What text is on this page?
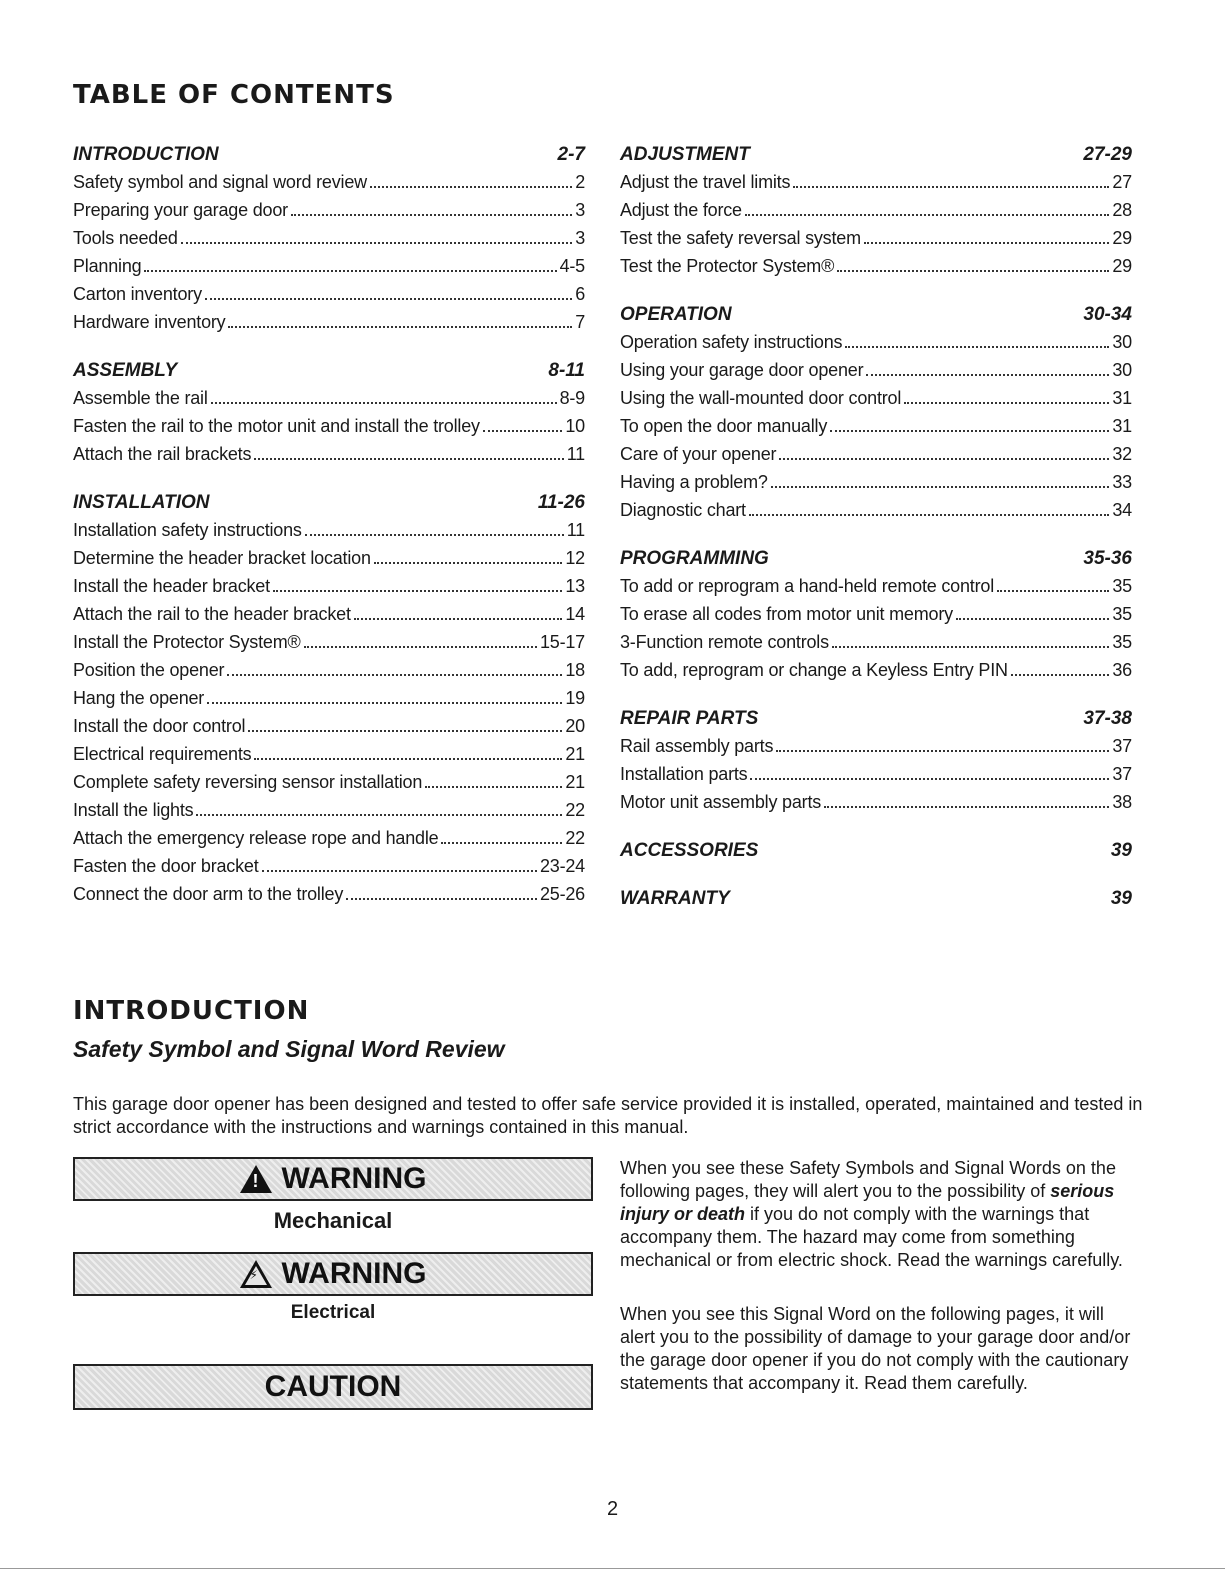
TABLE OF CONTENTS
INTRODUCTION	2-7
Safety symbol and signal word review	2
Preparing your garage door	3
Tools needed	3
Planning	4-5
Carton inventory	6
Hardware inventory	7
ASSEMBLY	8-11
Assemble the rail	8-9
Fasten the rail to the motor unit and install the trolley	10
Attach the rail brackets	11
INSTALLATION	11-26
Installation safety instructions	11
Determine the header bracket location	12
Install the header bracket	13
Attach the rail to the header bracket	14
Install the Protector System®	15-17
Position the opener	18
Hang the opener	19
Install the door control	20
Electrical requirements	21
Complete safety reversing sensor installation	21
Install the lights	22
Attach the emergency release rope and handle	22
Fasten the door bracket	23-24
Connect the door arm to the trolley	25-26
ADJUSTMENT	27-29
Adjust the travel limits	27
Adjust the force	28
Test the safety reversal system	29
Test the Protector System®	29
OPERATION	30-34
Operation safety instructions	30
Using your garage door opener	30
Using the wall-mounted door control	31
To open the door manually	31
Care of your opener	32
Having a problem?	33
Diagnostic chart	34
PROGRAMMING	35-36
To add or reprogram a hand-held remote control	35
To erase all codes from motor unit memory	35
3-Function remote controls	35
To add, reprogram or change a Keyless Entry PIN	36
REPAIR PARTS	37-38
Rail assembly parts	37
Installation parts	37
Motor unit assembly parts	38
ACCESSORIES	39
WARRANTY	39
INTRODUCTION
Safety Symbol and Signal Word Review

This garage door opener has been designed and tested to offer safe service provided it is installed, operated, maintained and tested in strict accordance with the instructions and warnings contained in this manual.

!
WARNING
Mechanical
⚡
WARNING
Electrical
CAUTION

When you see these Safety Symbols and Signal Words on the following pages, they will alert you to the possibility of serious injury or death if you do not comply with the warnings that accompany them. The hazard may come from something mechanical or from electric shock. Read the warnings carefully.

When you see this Signal Word on the following pages, it will alert you to the possibility of damage to your garage door and/or the garage door opener if you do not comply with the cautionary statements that accompany it. Read them carefully.

2
